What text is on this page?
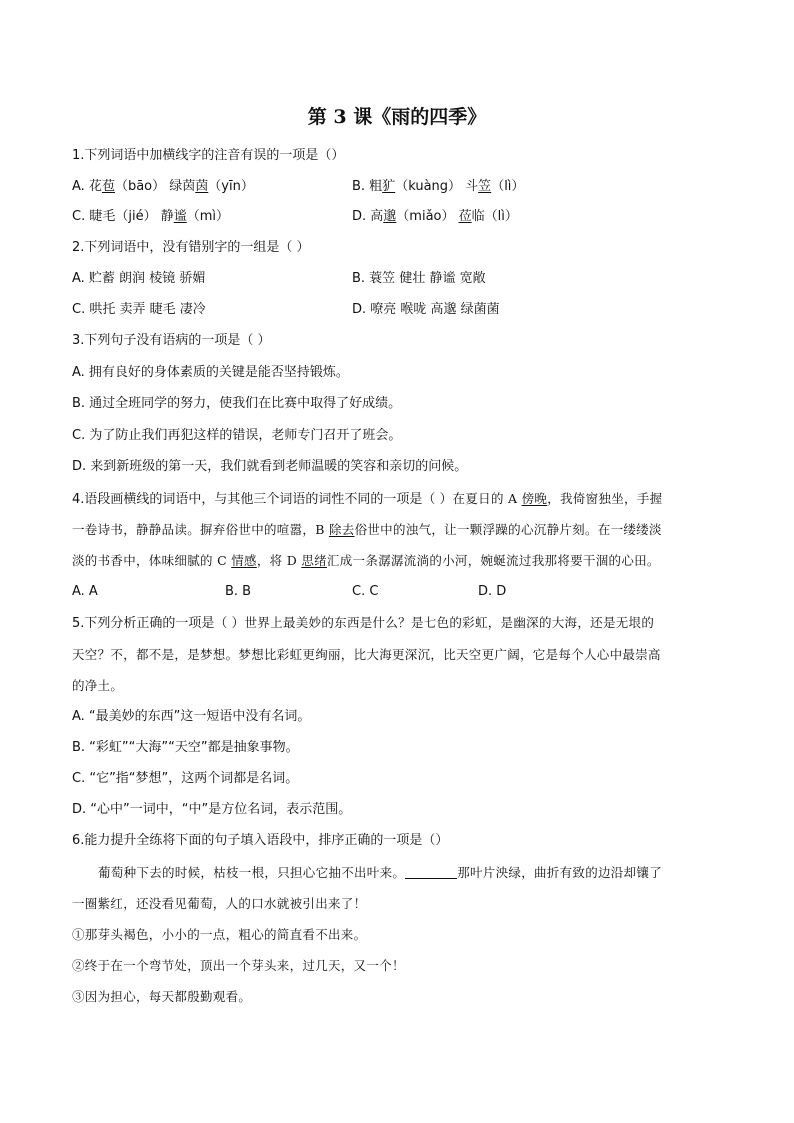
第 3 课《雨的四季》
1.下列词语中加横线字的注音有误的一项是（）
A. 花苞（bāo） 绿茵茵（yīn）	B. 粗犷（kuàng） 斗笠（lì）
C. 睫毛（jié） 静谧（mì）	D. 高邈（miǎo） 莅临（lì）
2.下列词语中，没有错别字的一组是（ ）
A. 贮蓄 朗润 棱镜 骄媚	B. 蓑笠 健壮 静谧 宽敞
C. 哄托 卖弄 睫毛 凄冷	D. 嘹亮 喉咙 高邈 绿菌菌
3.下列句子没有语病的一项是（ ）
A. 拥有良好的身体素质的关键是能否坚持锻炼。
B. 通过全班同学的努力，使我们在比赛中取得了好成绩。
C. 为了防止我们再犯这样的错误，老师专门召开了班会。
D. 来到新班级的第一天，我们就看到老师温暖的笑容和亲切的问候。
4.语段画横线的词语中，与其他三个词语的词性不同的一项是（ ）在夏日的 A 傍晚，我倚窗独坐，手握
一卷诗书，静静品读。摒弃俗世中的喧嚣，B 除去俗世中的浊气，让一颗浮躁的心沉静片刻。在一缕缕淡
淡的书香中，体味细腻的 C 情感，将 D 思绪汇成一条潺潺流淌的小河，婉蜒流过我那将要干涸的心田。
A. A	B. B	C. C	D. D
5.下列分析正确的一项是（ ）世界上最美妙的东西是什么？是七色的彩虹，是幽深的大海，还是无垠的
天空？不，都不是，是梦想。梦想比彩虹更绚丽，比大海更深沉，比天空更广阔，它是每个人心中最崇高
的净土。
A. “最美妙的东西”这一短语中没有名词。
B. “彩虹”“大海”“天空”都是抽象事物。
C. “它”指“梦想”，这两个词都是名词。
D. “心中”一词中，“中”是方位名词，表示范围。
6.能力提升全练将下面的句子填入语段中，排序正确的一项是（）
葡萄种下去的时候，枯枝一根，只担心它抽不出叶来。	那叶片泱绿，曲折有致的边沿却镶了
一圈紫红，还没看见葡萄，人的口水就被引出来了！
①那芽头褐色，小小的一点，粗心的简直看不出来。
②终于在一个弯节处，顶出一个芽头来，过几天，又一个！
③因为担心，每天都殷勤观看。
